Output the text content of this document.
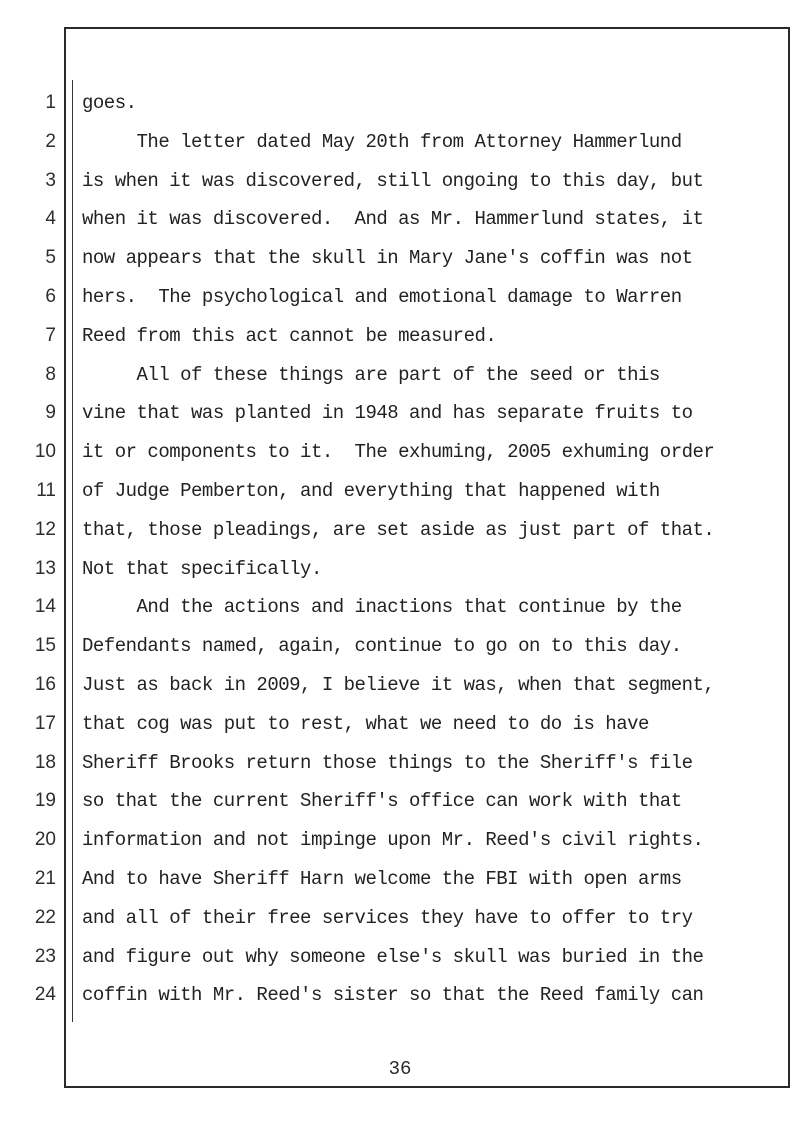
1
2
3
4
5
6
7
8
9
10
11
12
13
14
15
16
17
18
19
20
21
22
23
24
goes.
The letter dated May 20th from Attorney Hammerlund
is when it was discovered, still ongoing to this day, but
when it was discovered.  And as Mr. Hammerlund states, it
now appears that the skull in Mary Jane's coffin was not
hers.  The psychological and emotional damage to Warren
Reed from this act cannot be measured.
All of these things are part of the seed or this
vine that was planted in 1948 and has separate fruits to
it or components to it.  The exhuming, 2005 exhuming order
of Judge Pemberton, and everything that happened with
that, those pleadings, are set aside as just part of that.
Not that specifically.
And the actions and inactions that continue by the
Defendants named, again, continue to go on to this day.
Just as back in 2009, I believe it was, when that segment,
that cog was put to rest, what we need to do is have
Sheriff Brooks return those things to the Sheriff's file
so that the current Sheriff's office can work with that
information and not impinge upon Mr. Reed's civil rights.
And to have Sheriff Harn welcome the FBI with open arms
and all of their free services they have to offer to try
and figure out why someone else's skull was buried in the
coffin with Mr. Reed's sister so that the Reed family can
36
